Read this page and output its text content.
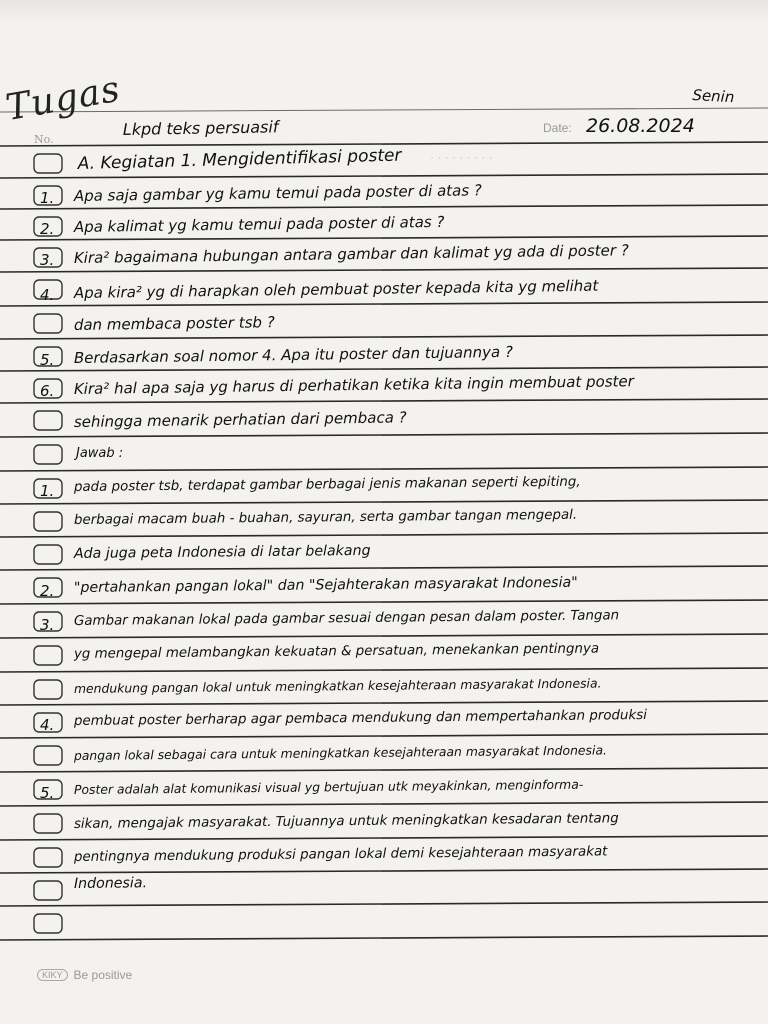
Tugas
No.
Date:
Senin
Lkpd teks persuasif	26.08.2024
A. Kegiatan 1. Mengidentifikasi poster
1. Apa saja gambar yg kamu temui pada poster di atas ?
2. Apa kalimat yg kamu temui pada poster di atas ?
3. Kira² bagaimana hubungan antara gambar dan kalimat yg ada di poster ?
4. Apa kira² yg di harapkan oleh pembuat poster kepada kita yg melihat
dan membaca poster tsb ?
5. Berdasarkan soal nomor 4. Apa itu poster dan tujuannya ?
6. Kira² hal apa saja yg harus di perhatikan ketika kita ingin membuat poster
sehingga menarik perhatian dari pembaca ?
Jawab :
1. pada poster tsb, terdapat gambar berbagai jenis makanan seperti kepiting,
berbagai macam buah - buahan, sayuran, serta gambar tangan mengepal.
Ada juga peta Indonesia di latar belakang
2. "pertahankan pangan lokal" dan "Sejahterakan masyarakat Indonesia"
3. Gambar makanan lokal pada gambar sesuai dengan pesan dalam poster. Tangan
yg mengepal melambangkan kekuatan & persatuan, menekankan pentingnya
mendukung pangan lokal untuk meningkatkan kesejahteraan masyarakat Indonesia.
4. pembuat poster berharap agar pembaca mendukung dan mempertahankan produksi
pangan lokal sebagai cara untuk meningkatkan kesejahteraan masyarakat Indonesia.
5. Poster adalah alat komunikasi visual yg bertujuan utk meyakinkan, menginforma-
sikan, mengajak masyarakat. Tujuannya untuk meningkatkan kesadaran tentang
pentingnya mendukung produksi pangan lokal demi kesejahteraan masyarakat
Indonesia.
· · · · · · · · ·
KIKY Be positive
